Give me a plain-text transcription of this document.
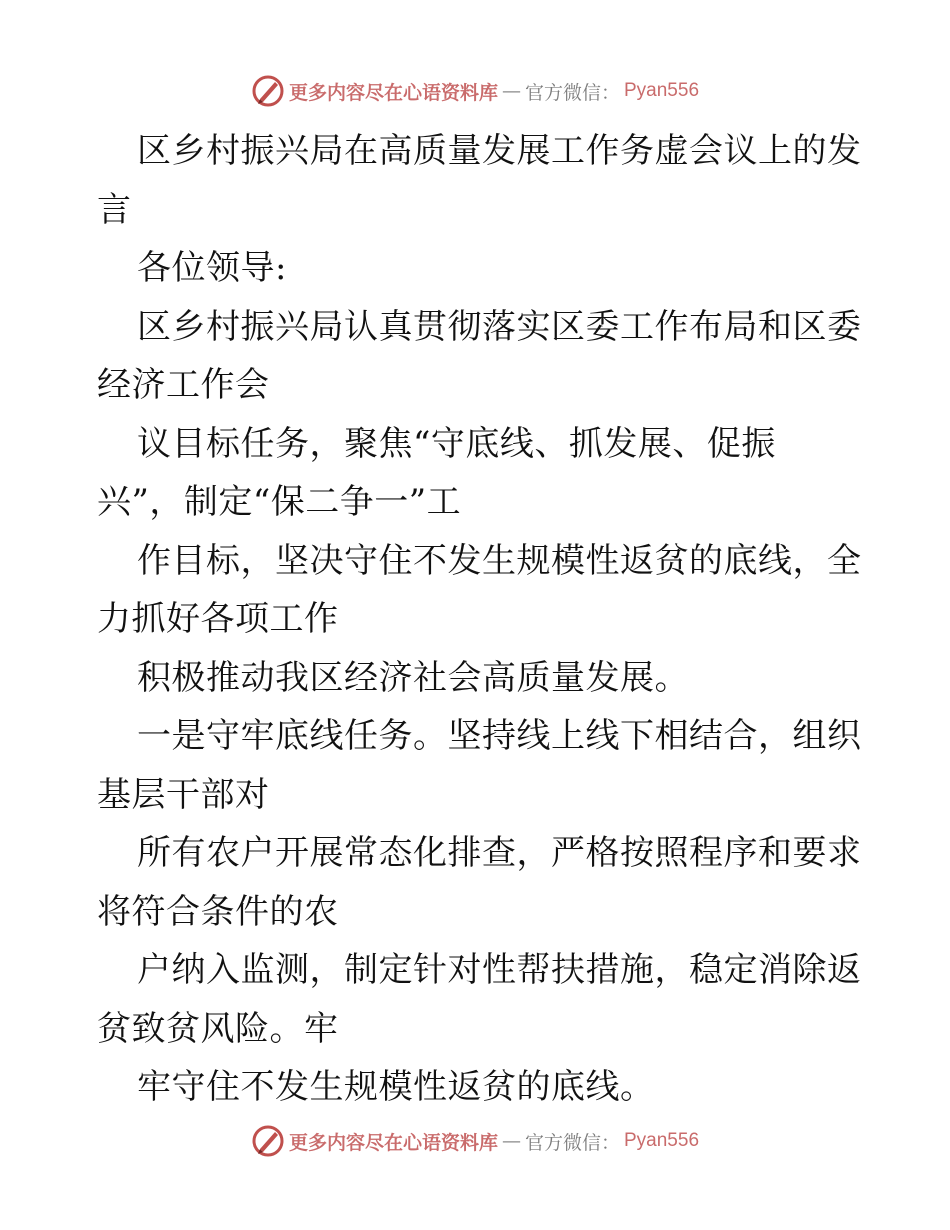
更多内容尽在心语资料库 — 官方微信： Pyan556
区乡村振兴局在高质量发展工作务虚会议上的发
言
各位领导:
区乡村振兴局认真贯彻落实区委工作布局和区委
经济工作会
议目标任务，聚焦“守底线、抓发展、促振
兴”，制定“保二争一”工
作目标，坚决守住不发生规模性返贫的底线，全
力抓好各项工作
积极推动我区经济社会高质量发展。
一是守牢底线任务。坚持线上线下相结合，组织
基层干部对
所有农户开展常态化排查，严格按照程序和要求
将符合条件的农
户纳入监测，制定针对性帮扶措施，稳定消除返
贫致贫风险。牢
牢守住不发生规模性返贫的底线。
更多内容尽在心语资料库 — 官方微信： Pyan556
